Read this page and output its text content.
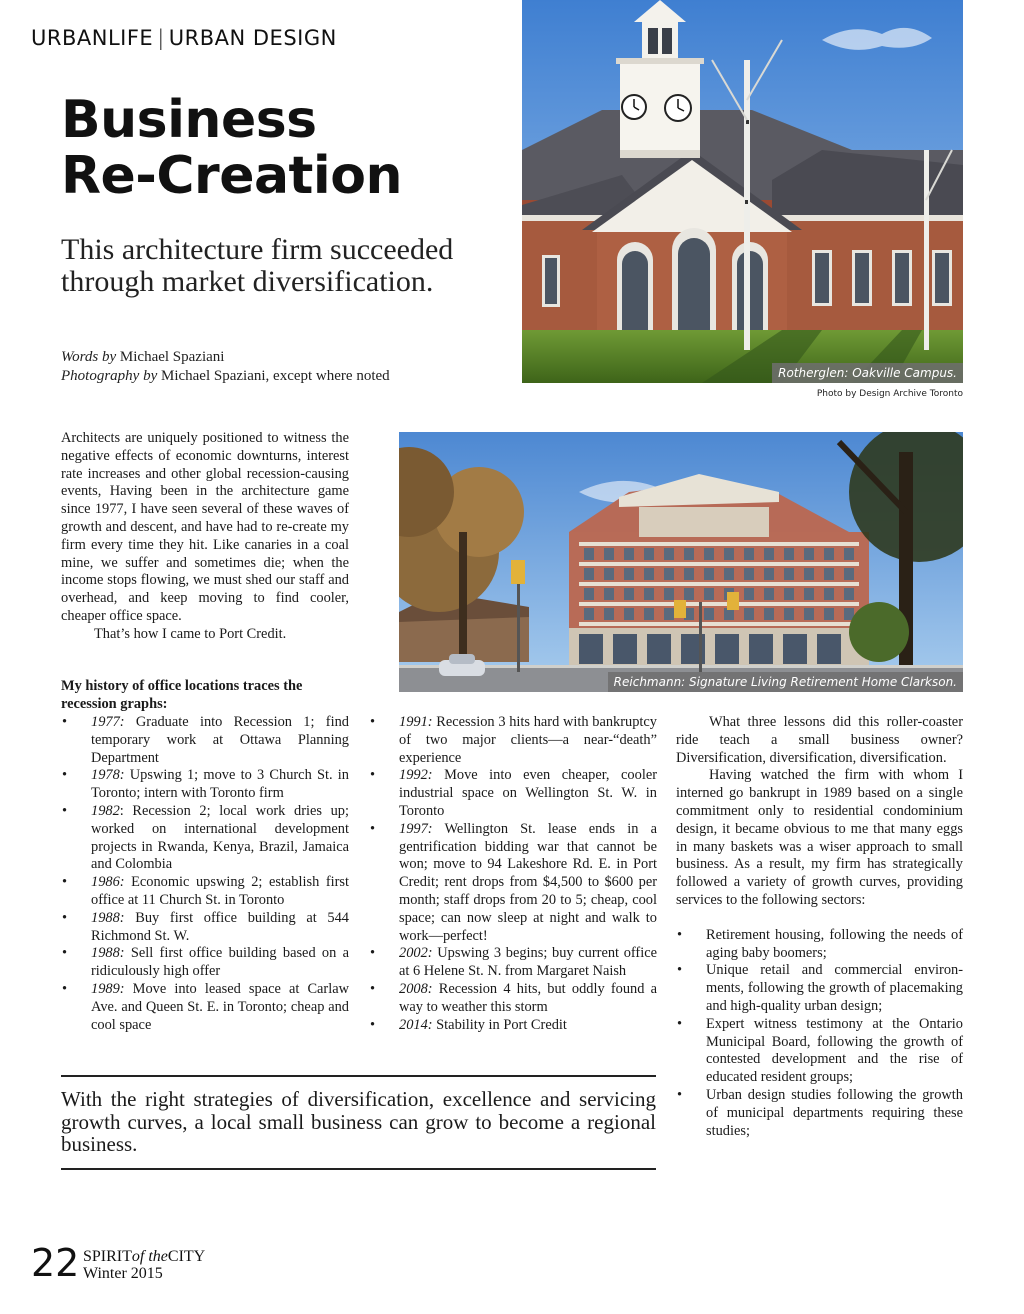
URBANLIFE | URBAN DESIGN
Business
Re-Creation
This architecture firm succeeded through market diversification.
Words by Michael Spaziani
Photography by Michael Spaziani, except where noted	Rotherglen: Oakville Campus.
Photo by Design Archive Toronto
Reichmann: Signature Living Retirement Home Clarkson.

Architects are uniquely positioned to witness the negative effects of economic downturns, interest rate increases and other global recession-causing events, Having been in the architecture game since 1977, I have seen several of these waves of growth and descent, and have had to re-create my firm every time they hit. Like canaries in a coal mine, we suffer and sometimes die; when the income stops flowing, we must shed our staff and overhead, and keep moving to find cooler, cheaper office space.

That’s how I came to Port Credit.

My history of office locations traces the recession graphs:
• 1977: Graduate into Recession 1; find temporary work at Ottawa Planning Department
• 1978: Upswing 1; move to 3 Church St. in Toronto; intern with Toronto firm
• 1982: Recession 2; local work dries up; worked on international development projects in Rwanda, Kenya, Brazil, Jamaica and Colombia
• 1986: Economic upswing 2; establish first office at 11 Church St. in Toronto
• 1988: Buy first office building at 544 Richmond St. W.
• 1988: Sell first office building based on a ridiculously high offer
• 1989: Move into leased space at Carlaw Ave. and Queen St. E. in Toronto; cheap and cool space
• 1991: Recession 3 hits hard with bankruptcy of two major clients—a near-“death” experience
• 1992: Move into even cheaper, cooler industrial space on Wellington St. W. in Toronto
• 1997: Wellington St. lease ends in a gentrification bidding war that cannot be won; move to 94 Lakeshore Rd. E. in Port Credit; rent drops from $4,500 to $600 per month; staff drops from 20 to 5; cheap, cool space; can now sleep at night and walk to work—perfect!
• 2002: Upswing 3 begins; buy current office at 6 Helene St. N. from Margaret Naish
• 2008: Recession 4 hits, but oddly found a way to weather this storm
• 2014: Stability in Port Credit

What three lessons did this roller-coaster ride teach a small business owner? Diversification, diversification, diversification.

Having watched the firm with whom I interned go bankrupt in 1989 based on a single commitment only to residential condominium design, it became obvious to me that many eggs in many baskets was a wiser approach to small business. As a result, my firm has strategically followed a variety of growth curves, providing services to the following sectors:

• Retirement housing, following the needs of aging baby boomers;
• Unique retail and commercial environ-ments, following the growth of placemaking and high-quality urban design;
• Expert witness testimony at the Ontario Municipal Board, following the growth of contested development and the rise of educated resident groups;
• Urban design studies following the growth of municipal departments requiring these studies;
With the right strategies of diversification, excellence and servicing growth curves, a local small business can grow to become a regional business.
22 SPIRITof theCITY
Winter 2015
